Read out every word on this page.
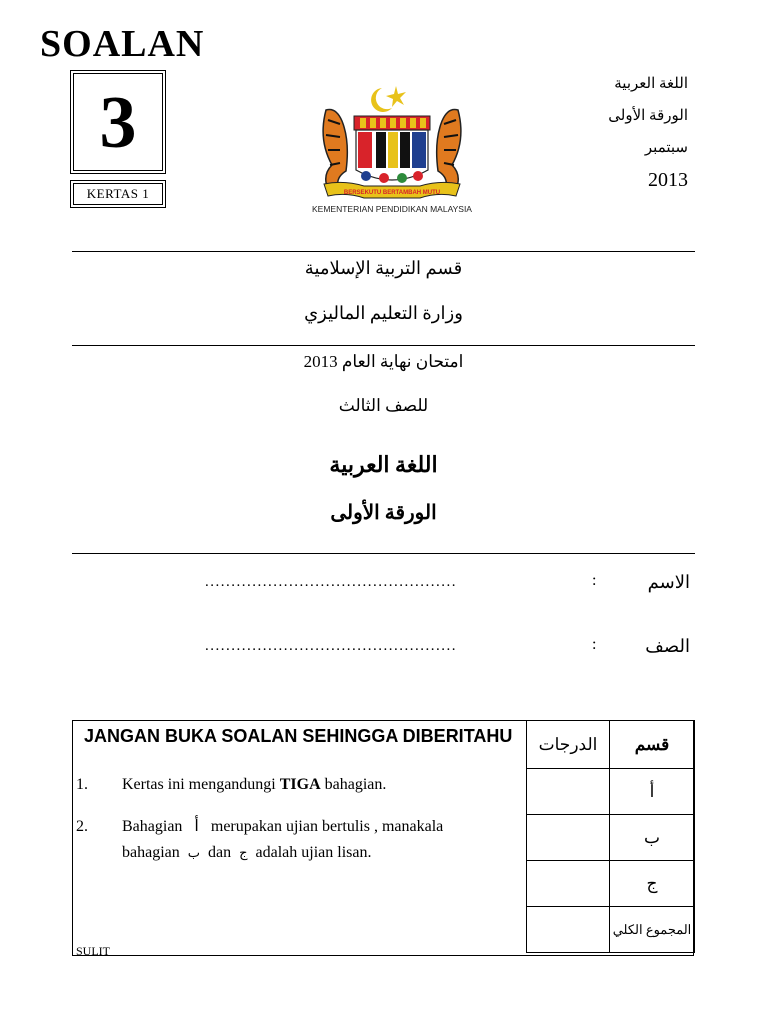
SOALAN
3
KERTAS 1	BERSEKUTU BERTAMBAH MUTU
KEMENTERIAN PENDIDIKAN MALAYSIA
اللغة العربية
الورقة الأولى
سبتمبر
2013
قسم التربية الإسلامية
وزارة التعليم الماليزي
امتحان نهاية العام 2013
للصف الثالث
اللغة العربية
الورقة الأولى
الاسم
:
................................................
الصف
:
................................................
JANGAN BUKA SOALAN SEHINGGA DIBERITAHU
1. Kertas ini mengandungi TIGA bahagian.
2. Bahagian أ merupakan ujian bertulis , manakala
bahagian ب dan ج adalah ujian lisan.
الدرجات	قسم
	أ
	ب
	ج
	المجموع الكلي
SULIT
